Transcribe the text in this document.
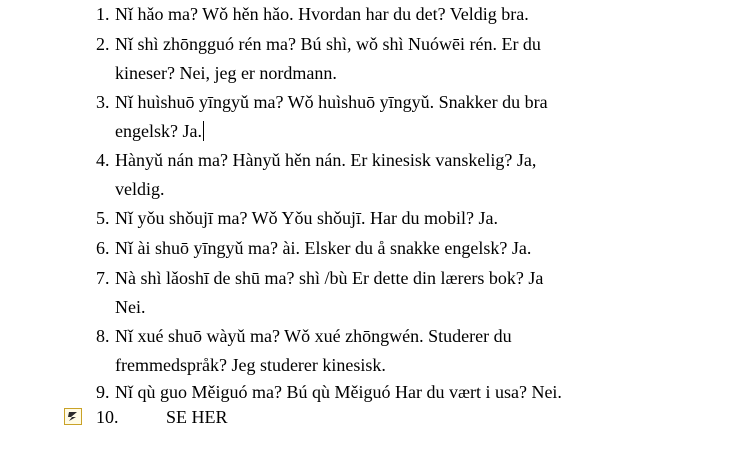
1. Nǐ hǎo ma? Wǒ hěn hǎo. Hvordan har du det? Veldig bra.
2. Nǐ shì zhōngguó rén ma? Bú shì, wǒ shì Nuówēi rén. Er du
kineser? Nei, jeg er nordmann.
3. Nǐ huìshuō yīngyǔ ma? Wǒ huìshuō yīngyǔ. Snakker du bra
engelsk? Ja.
4. Hànyǔ nán ma? Hànyǔ hěn nán. Er kinesisk vanskelig? Ja,
veldig.
5. Nǐ yǒu shǒujī ma? Wǒ Yǒu shǒujī. Har du mobil? Ja.
6. Nǐ ài shuō yīngyǔ ma? ài. Elsker du å snakke engelsk? Ja.
7. Nà shì lǎoshī de shū ma? shì /bù Er dette din lærers bok? Ja
Nei.
8. Nǐ xué shuō wàyǔ ma? Wǒ xué zhōngwén. Studerer du
fremmedspråk? Jeg studerer kinesisk.
9. Nǐ qù guo Měiguó ma? Bú qù Měiguó Har du vært i usa? Nei.
10.	SE HER
